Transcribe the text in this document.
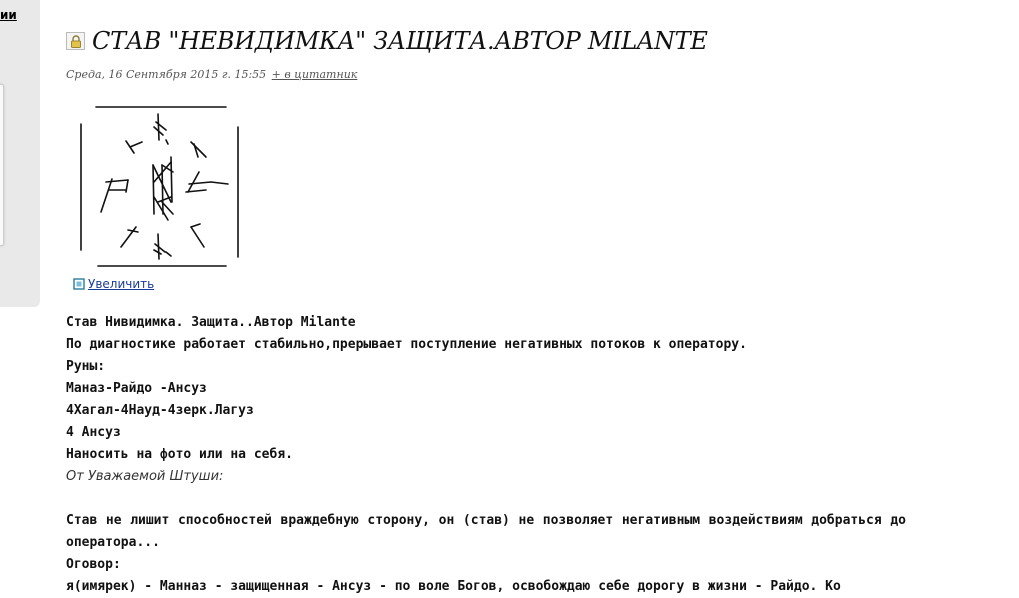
ии
СТАВ "НЕВИДИМКА" ЗАЩИТА.АВТОР MILANTE
Среда, 16 Сентября 2015 г. 15:55 + в цитатник
Увеличить
Став Нивидимка. Защита..Автор Milante
По диагностике работает стабильно,прерывает поступление негативных потоков к оператору.
Руны:
Маназ-Райдо -Ансуз
4Хагал-4Науд-4зерк.Лагуз
4 Ансуз
Наносить на фото или на себя.
От Уважаемой Штуши:
Став не лишит способностей враждебную сторону, он (став) не позволяет негативным воздействиям добраться до оператора...
Оговор:
я(имярек) - Манназ - защищенная - Ансуз - по воле Богов, освобождаю себе дорогу в жизни - Райдо. Ко
